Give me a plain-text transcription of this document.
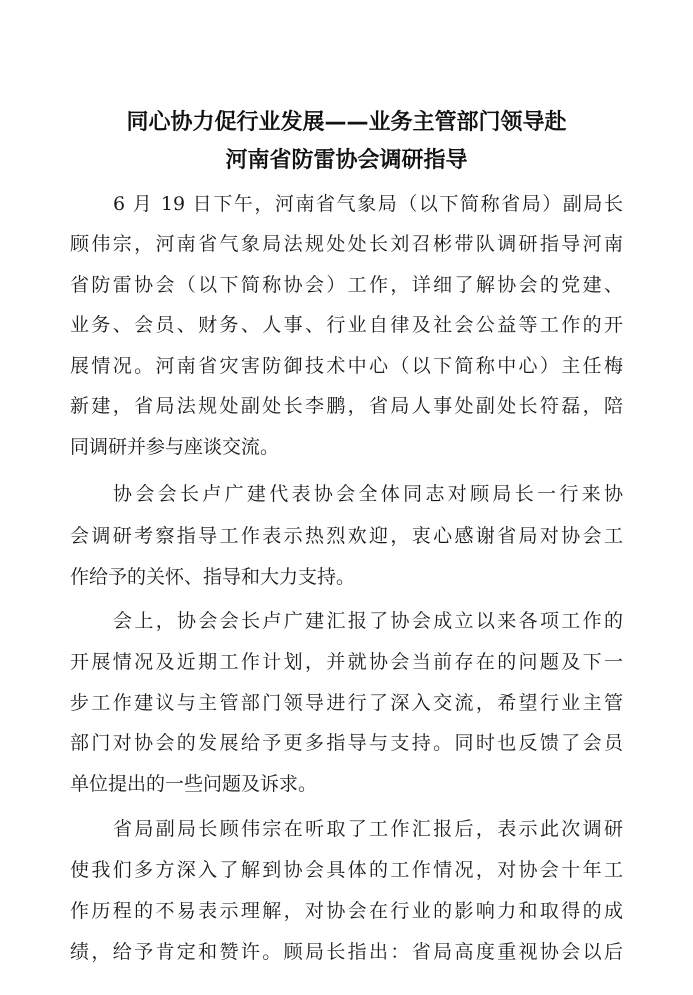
同心协力促行业发展——业务主管部门领导赴
河南省防雷协会调研指导
6 月 19 日下午，河南省气象局（以下简称省局）副局长
顾伟宗，河南省气象局法规处处长刘召彬带队调研指导河南
省防雷协会（以下简称协会）工作，详细了解协会的党建、
业务、会员、财务、人事、行业自律及社会公益等工作的开
展情况。河南省灾害防御技术中心（以下简称中心）主任梅
新建，省局法规处副处长李鹏，省局人事处副处长符磊，陪
同调研并参与座谈交流。
协会会长卢广建代表协会全体同志对顾局长一行来协
会调研考察指导工作表示热烈欢迎，衷心感谢省局对协会工
作给予的关怀、指导和大力支持。
会上，协会会长卢广建汇报了协会成立以来各项工作的
开展情况及近期工作计划，并就协会当前存在的问题及下一
步工作建议与主管部门领导进行了深入交流，希望行业主管
部门对协会的发展给予更多指导与支持。同时也反馈了会员
单位提出的一些问题及诉求。
省局副局长顾伟宗在听取了工作汇报后，表示此次调研
使我们多方深入了解到协会具体的工作情况，对协会十年工
作历程的不易表示理解，对协会在行业的影响力和取得的成
绩，给予肯定和赞许。顾局长指出：省局高度重视协会以后
